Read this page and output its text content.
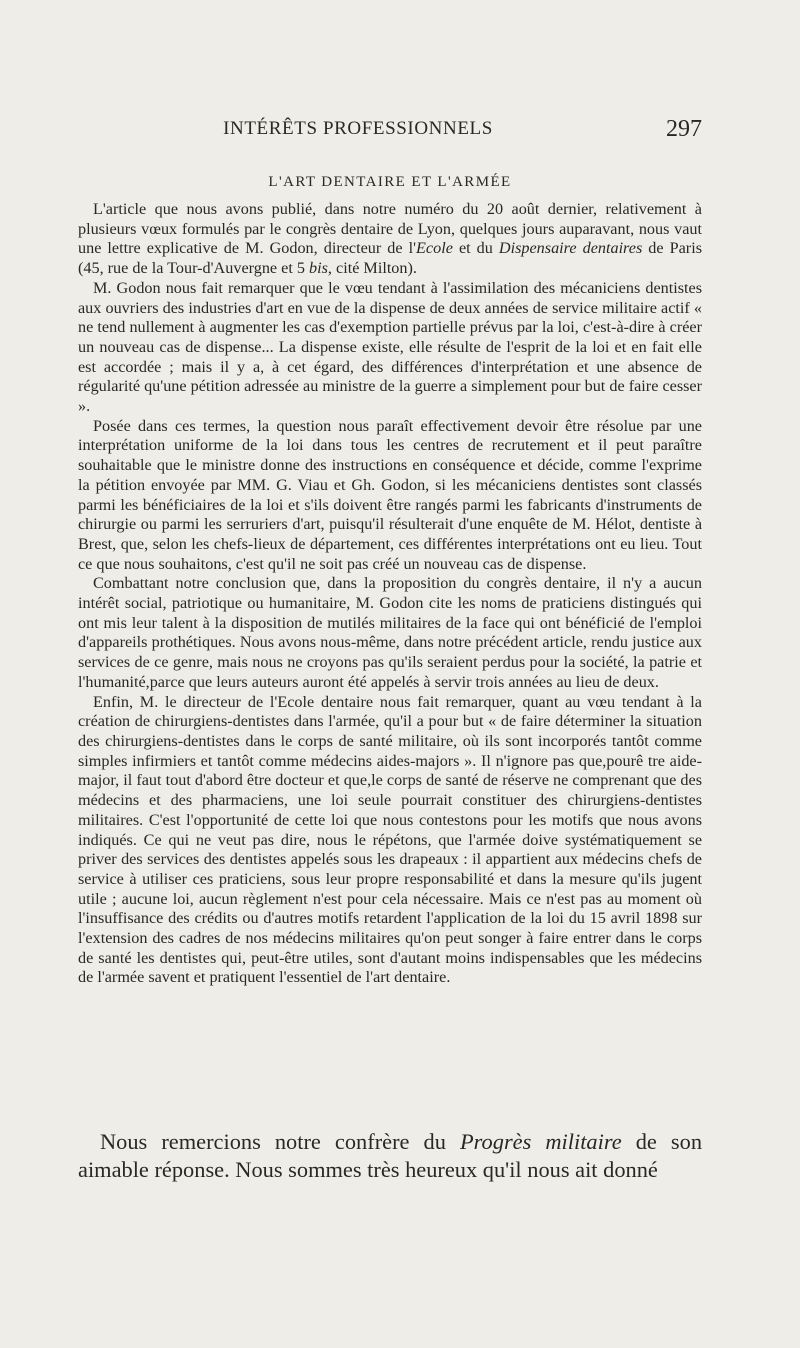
INTÉRÊTS PROFESSIONNELS	297
L'ART DENTAIRE ET L'ARMÉE

L'article que nous avons publié, dans notre numéro du 20 août dernier, relativement à plusieurs vœux formulés par le congrès dentaire de Lyon, quelques jours auparavant, nous vaut une lettre explicative de M. Godon, directeur de l'Ecole et du Dispensaire dentaires de Paris (45, rue de la Tour-d'Auvergne et 5 bis, cité Milton).

M. Godon nous fait remarquer que le vœu tendant à l'assimilation des mécaniciens dentistes aux ouvriers des industries d'art en vue de la dispense de deux années de service militaire actif « ne tend nullement à augmenter les cas d'exemption partielle prévus par la loi, c'est-à-dire à créer un nouveau cas de dispense... La dispense existe, elle résulte de l'esprit de la loi et en fait elle est accordée ; mais il y a, à cet égard, des différences d'interprétation et une absence de régularité qu'une pétition adressée au ministre de la guerre a simplement pour but de faire cesser ».

Posée dans ces termes, la question nous paraît effectivement devoir être résolue par une interprétation uniforme de la loi dans tous les centres de recrutement et il peut paraître souhaitable que le ministre donne des instructions en conséquence et décide, comme l'exprime la pétition envoyée par MM. G. Viau et Gh. Godon, si les mécaniciens dentistes sont classés parmi les bénéficiaires de la loi et s'ils doivent être rangés parmi les fabricants d'instruments de chirurgie ou parmi les serruriers d'art, puisqu'il résulterait d'une enquête de M. Hélot, dentiste à Brest, que, selon les chefs-lieux de département, ces différentes interprétations ont eu lieu. Tout ce que nous souhaitons, c'est qu'il ne soit pas créé un nouveau cas de dispense.

Combattant notre conclusion que, dans la proposition du congrès dentaire, il n'y a aucun intérêt social, patriotique ou humanitaire, M. Godon cite les noms de praticiens distingués qui ont mis leur talent à la disposition de mutilés militaires de la face qui ont bénéficié de l'emploi d'appareils prothétiques. Nous avons nous-même, dans notre précédent article, rendu justice aux services de ce genre, mais nous ne croyons pas qu'ils seraient perdus pour la société, la patrie et l'humanité,parce que leurs auteurs auront été appelés à servir trois années au lieu de deux.

Enfin, M. le directeur de l'Ecole dentaire nous fait remarquer, quant au vœu tendant à la création de chirurgiens-dentistes dans l'armée, qu'il a pour but « de faire déterminer la situation des chirurgiens-dentistes dans le corps de santé militaire, où ils sont incorporés tantôt comme simples infirmiers et tantôt comme médecins aides-majors ». Il n'ignore pas que,pourê tre aide-major, il faut tout d'abord être docteur et que,le corps de santé de réserve ne comprenant que des médecins et des pharmaciens, une loi seule pourrait constituer des chirurgiens-dentistes militaires. C'est l'opportunité de cette loi que nous contestons pour les motifs que nous avons indiqués. Ce qui ne veut pas dire, nous le répétons, que l'armée doive systématiquement se priver des services des dentistes appelés sous les drapeaux : il appartient aux médecins chefs de service à utiliser ces praticiens, sous leur propre responsabilité et dans la mesure qu'ils jugent utile ; aucune loi, aucun règlement n'est pour cela nécessaire. Mais ce n'est pas au moment où l'insuffisance des crédits ou d'autres motifs retardent l'application de la loi du 15 avril 1898 sur l'extension des cadres de nos médecins militaires qu'on peut songer à faire entrer dans le corps de santé les dentistes qui, peut-être utiles, sont d'autant moins indispensables que les médecins de l'armée savent et pratiquent l'essentiel de l'art dentaire.

Nous remercions notre confrère du Progrès militaire de son aimable réponse. Nous sommes très heureux qu'il nous ait donné
